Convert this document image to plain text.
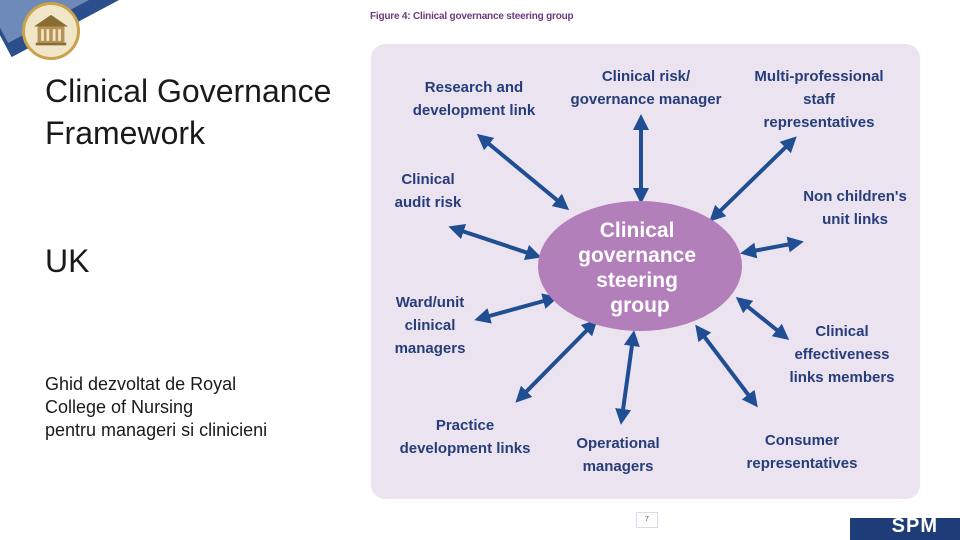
Clinical Governance
Framework
UK
Ghid dezvoltat de Royal
College of Nursing
pentru manageri si clinicieni
Figure 4: Clinical governance steering group
Clinical governance steering group
Research and development link
Clinical risk/ governance manager
Multi-professional staff representatives
Clinical audit risk	Non children's unit links
Ward/unit clinical managers
Clinical effectiveness links members
Practice development links	Operational managers
Consumer representatives
7	SPM
